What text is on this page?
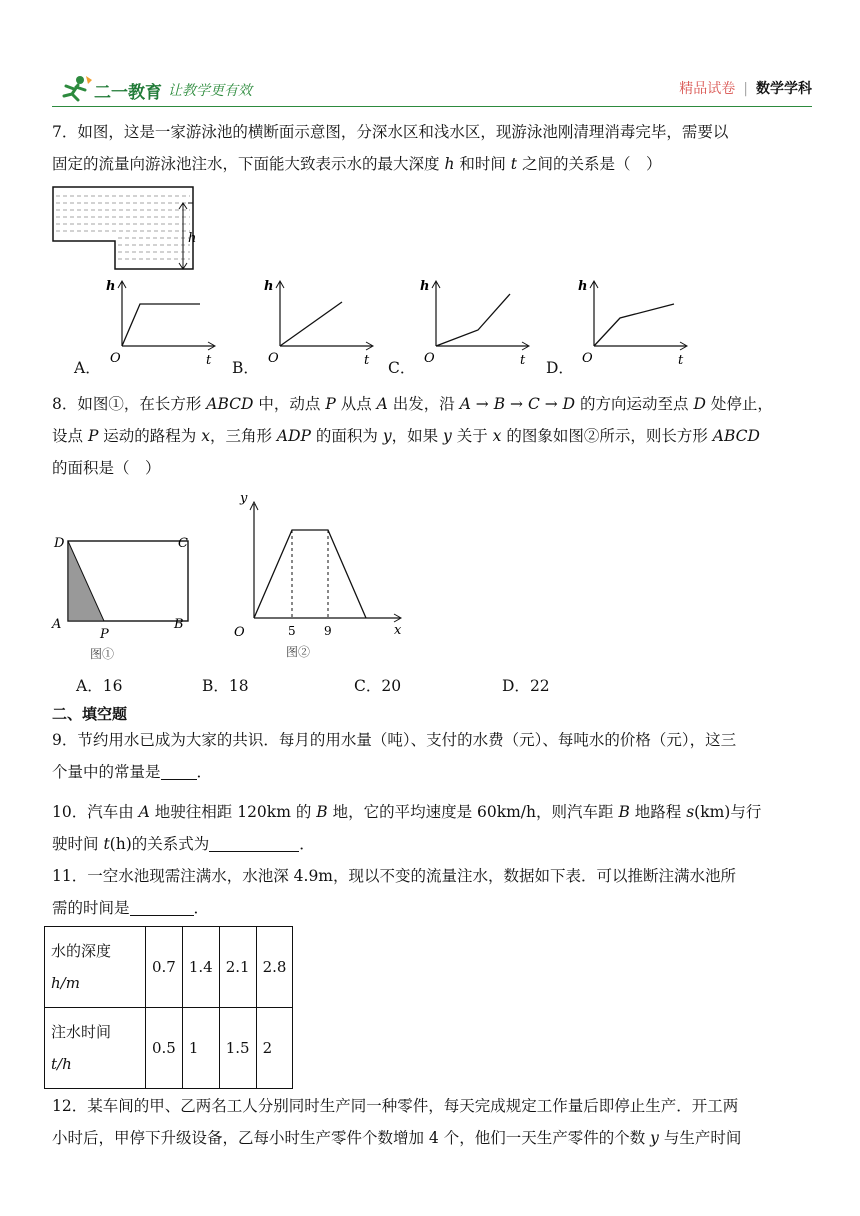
二一教育 让教学更有效	精品试卷 | 数学学科
7．如图，这是一家游泳池的横断面示意图，分深水区和浅水区，现游泳池刚清理消毒完毕，需要以
固定的流量向游泳池注水，下面能大致表示水的最大深度 h 和时间 t 之间的关系是（　）
h
A．
h
t
O
B．
h
t
O
C．
h
t
O
D．
h
t
O
8．如图①，在长方形 ABCD 中，动点 P 从点 A 出发，沿 A → B → C → D 的方向运动至点 D 处停止，
设点 P 运动的路程为 x，三角形 ADP 的面积为 y，如果 y 关于 x 的图象如图②所示，则长方形 ABCD
的面积是（　）
D	C
A	B
P
图①
y
x
O	5 9
图②
A．16	B．18	C．20	D．22
二、填空题
9．节约用水已成为大家的共识．每月的用水量（吨）、支付的水费（元）、每吨水的价格（元），这三
个量中的常量是 ．
10．汽车由 A 地驶往相距 120km 的 B 地，它的平均速度是 60km/h，则汽车距 B 地路程 s(km)与行
驶时间 t(h)的关系式为	．
11．一空水池现需注满水，水池深 4.9m，现以不变的流量注水，数据如下表．可以推断注满水池所
需的时间是	．
水的深度
h/m	0.7	1.4	2.1	2.8

注水时间
t/h	0.5	1	1.5	2
12．某车间的甲、乙两名工人分别同时生产同一种零件，每天完成规定工作量后即停止生产．开工两
小时后，甲停下升级设备，乙每小时生产零件个数增加 4 个，他们一天生产零件的个数 y 与生产时间
